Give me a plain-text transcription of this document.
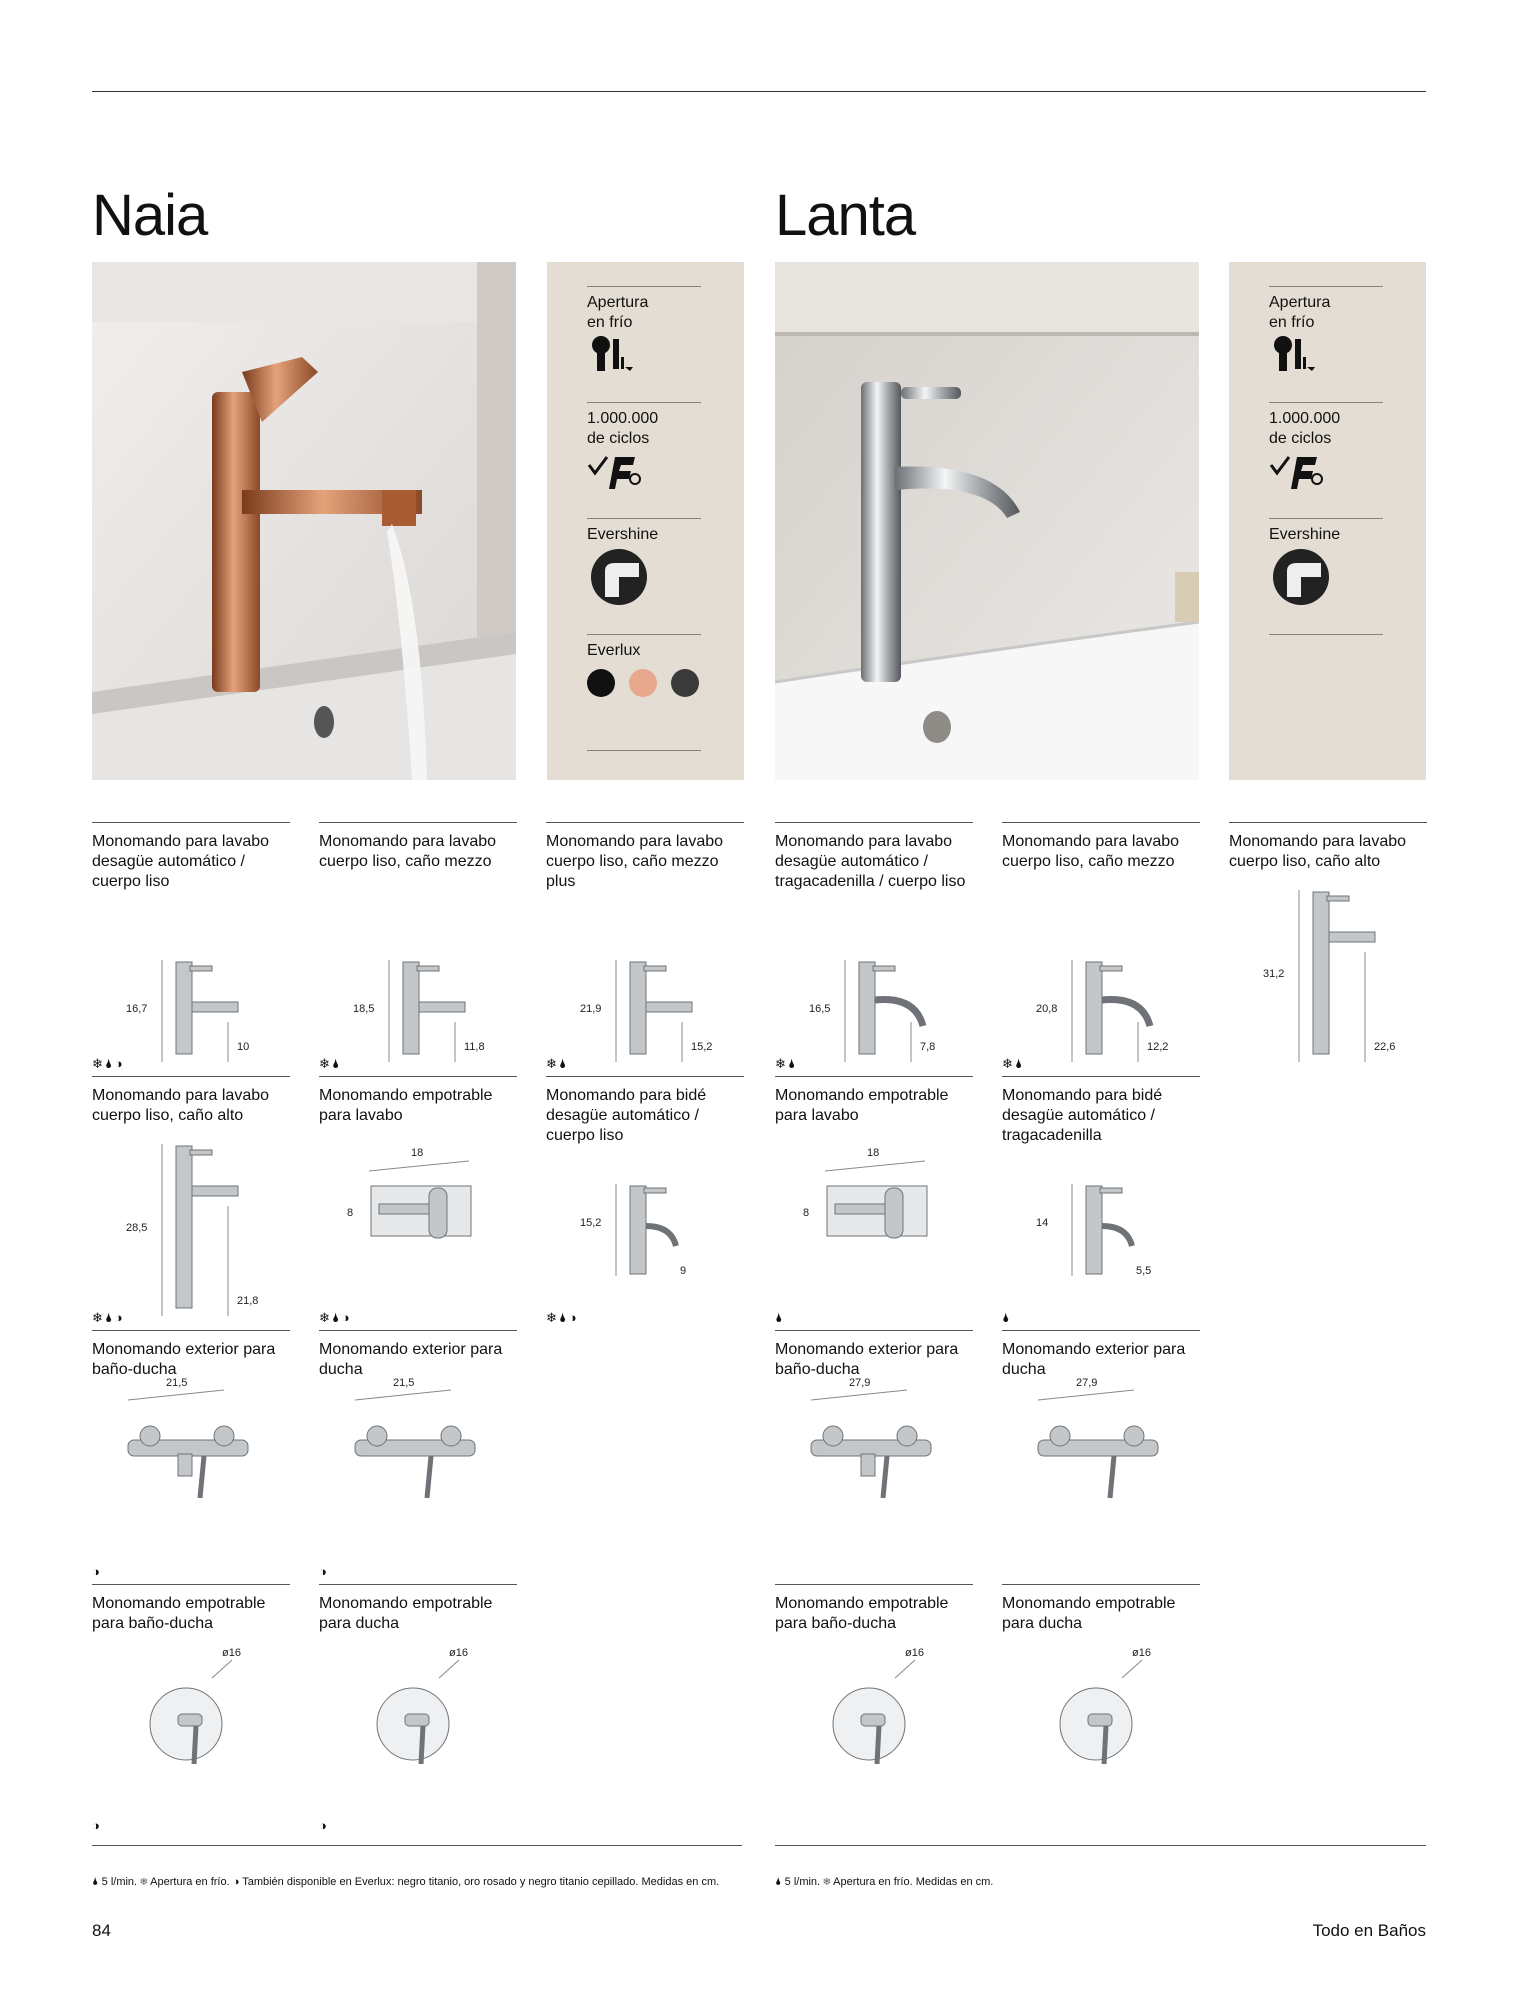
Naia	Lanta
Apertura
en frío
1.000.000
de ciclos
Evershine
Everlux
Apertura
en frío
1.000.000
de ciclos
Evershine
16,7
10
Monomando para lavabo desagüe automático / cuerpo liso
❄🌢◑
18,5
11,8
Monomando para lavabo cuerpo liso, caño mezzo
❄🌢
21,9
15,2
Monomando para lavabo cuerpo liso, caño mezzo plus
❄🌢
16,5
7,8
Monomando para lavabo desagüe automático / tragacadenilla / cuerpo liso
❄🌢
20,8
12,2
Monomando para lavabo cuerpo liso, caño mezzo
❄🌢
31,2
22,6
Monomando para lavabo cuerpo liso, caño alto
28,5
21,8
Monomando para lavabo cuerpo liso, caño alto
❄🌢◑
18
8
Monomando empotrable para lavabo
❄🌢◑
15,2
9
Monomando para bidé desagüe automático / cuerpo liso
❄🌢◑
18
8
Monomando empotrable para lavabo
🌢
14
5,5
Monomando para bidé desagüe automático / tragacadenilla
🌢
21,5
Monomando exterior para baño-ducha
◑
21,5
Monomando exterior para ducha
◑
27,9
Monomando exterior para baño-ducha
27,9
Monomando exterior para ducha
ø16
Monomando empotrable para baño-ducha
◑
ø16
Monomando empotrable para ducha
◑
ø16
Monomando empotrable para baño-ducha
ø16
Monomando empotrable para ducha
🌢 5 l/min. ❄ Apertura en frío. ◑ También disponible en Everlux: negro titanio, oro rosado y negro titanio cepillado. Medidas en cm.	🌢 5 l/min. ❄ Apertura en frío. Medidas en cm.
84	Todo en Baños
